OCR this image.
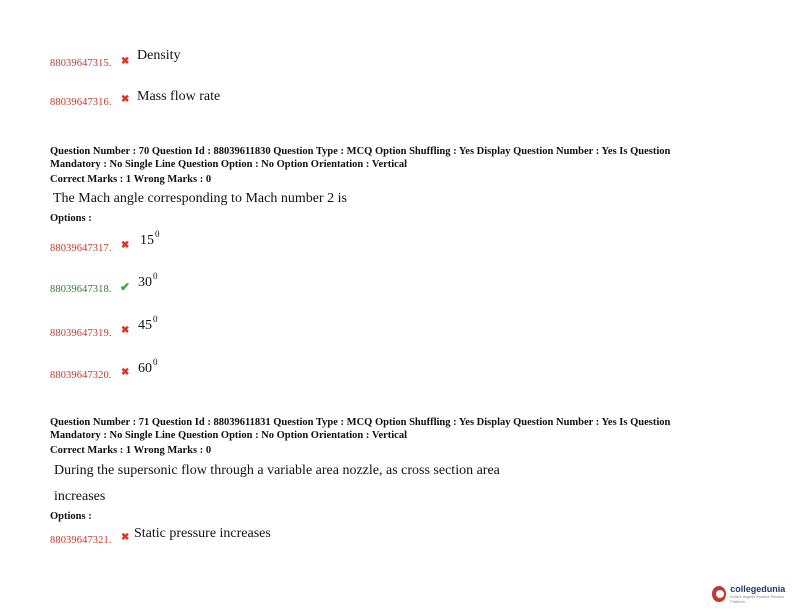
88039647315. ✖ Density
88039647316. ✖ Mass flow rate
Question Number : 70 Question Id : 88039611830 Question Type : MCQ Option Shuffling : Yes Display Question Number : Yes Is Question
Mandatory : No Single Line Question Option : No Option Orientation : Vertical
Correct Marks : 1 Wrong Marks : 0
The Mach angle corresponding to Mach number 2 is
Options :
88039647317. ✖ $15^0$
88039647318. ✔ $30^0$
88039647319. ✖ $45^0$
88039647320. ✖ $60^0$
Question Number : 71 Question Id : 88039611831 Question Type : MCQ Option Shuffling : Yes Display Question Number : Yes Is Question
Mandatory : No Single Line Question Option : No Option Orientation : Vertical
Correct Marks : 1 Wrong Marks : 0
During the supersonic flow through a variable area nozzle, as cross section area
increases
Options :
88039647321. ✖ Static pressure increases
collegedunia
India's largest Student Review Platform
